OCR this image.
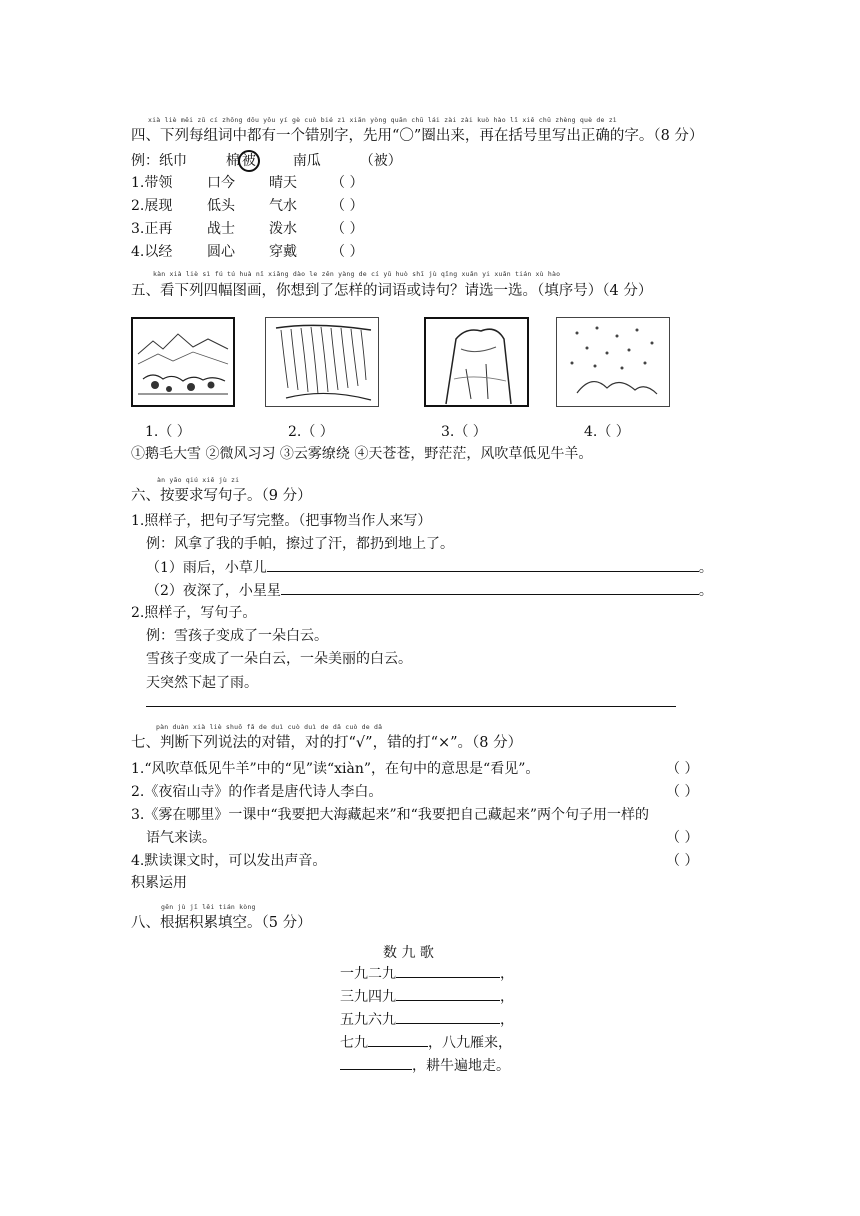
xià liè měi zǔ cí zhōng dōu yǒu yí gè cuò bié zì xiān yòng quān chū lái zài zài kuò hào lǐ xiě chū zhèng què de zì
四、下列每组词中都有一个错别字，先用“〇”圈出来，再在括号里写出正确的字。（8 分）
例：纸巾	棉 被	南瓜	（被）
1.带领 口今 晴天 （ ）
2.展现 低头 气水 （ ）
3.正再 战士 泼水 （ ）
4.以经 圆心 穿戴 （ ）
kàn xià liè sì fú tú huà nǐ xiǎng dào le zěn yàng de cí yǔ huò shī jù qǐng xuǎn yi xuǎn tián xù hào
五、看下列四幅图画，你想到了怎样的词语或诗句？请选一选。（填序号）（4 分）
1.（ ）	2.（ ）	3.（ ）	4.（ ）
①鹅毛大雪 ②微风习习 ③云雾缭绕 ④天苍苍，野茫茫，风吹草低见牛羊。
àn yāo qiú xiě jù zi
六、按要求写句子。（9 分）
1.照样子，把句子写完整。（把事物当作人来写）
例：风拿了我的手帕，擦过了汗，都扔到地上了。
（1）雨后，小草儿	。
（2）夜深了，小星星	。
2.照样子，写句子。
例：雪孩子变成了一朵白云。
雪孩子变成了一朵白云，一朵美丽的白云。
天突然下起了雨。
pàn duàn xià liè shuō fǎ de duì cuò duì de dǎ cuò de dǎ
七、判断下列说法的对错，对的打“√”，错的打“×”。（8 分）
1.“风吹草低见牛羊”中的“见”读“xiàn”，在句中的意思是“看见”。	（ ）
2.《夜宿山寺》的作者是唐代诗人李白。	（ ）
3.《雾在哪里》一课中“我要把大海藏起来”和“我要把自己藏起来”两个句子用一样的
语气来读。	（ ）
4.默读课文时，可以发出声音。	（ ）
积累运用
gēn jù jī lěi tián kòng
八、根据积累填空。（5 分）
数 九 歌
一九二九	，
三九四九	，
五九六九	，
七九	，八九雁来，
，耕牛遍地走。
